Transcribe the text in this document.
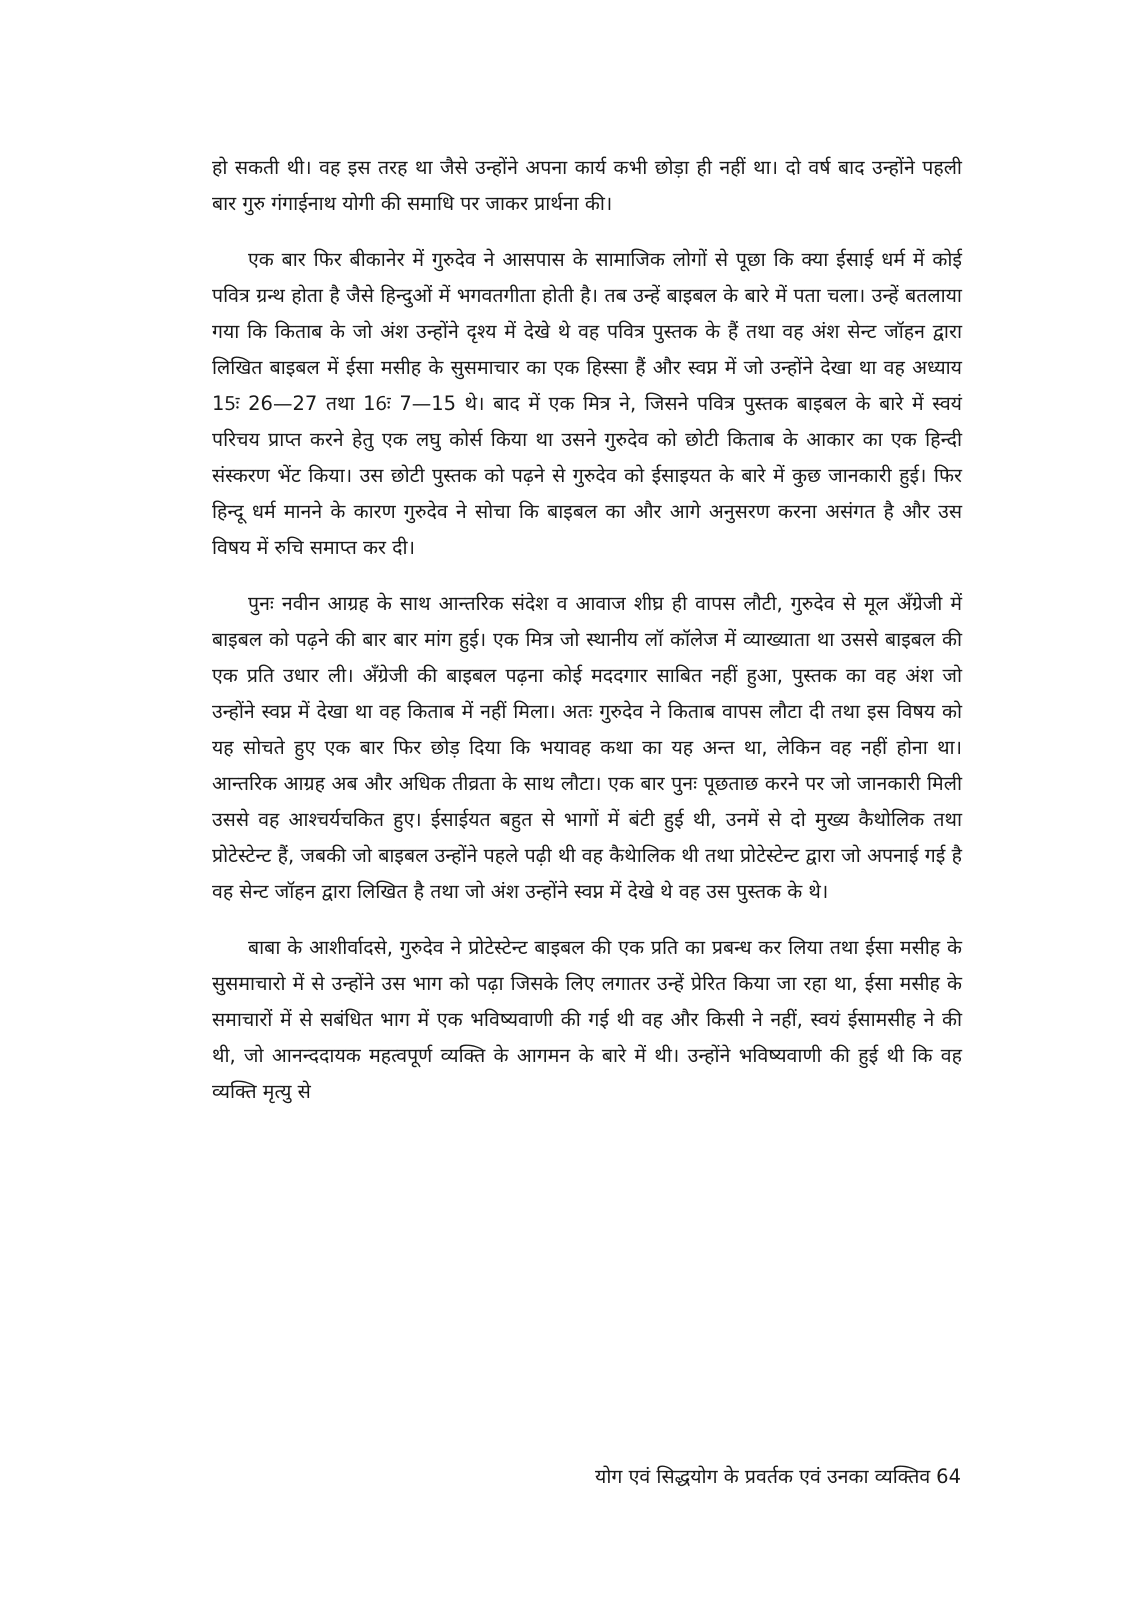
हो सकती थी। वह इस तरह था जैसे उन्होंने अपना कार्य कभी छोड़ा ही नहीं था। दो वर्ष बाद उन्होंने पहली बार गुरु गंगाईनाथ योगी की समाधि पर जाकर प्रार्थना की।

एक बार फिर बीकानेर में गुरुदेव ने आसपास के सामाजिक लोगों से पूछा कि क्या ईसाई धर्म में कोई पवित्र ग्रन्थ होता है जैसे हिन्दुओं में भगवतगीता होती है। तब उन्हें बाइबल के बारे में पता चला। उन्हें बतलाया गया कि किताब के जो अंश उन्होंने दृश्य में देखे थे वह पवित्र पुस्तक के हैं तथा वह अंश सेन्ट जॉहन द्वारा लिखित बाइबल में ईसा मसीह के सुसमाचार का एक हिस्सा हैं और स्वप्न में जो उन्होंने देखा था वह अध्याय 15ः 26—27 तथा 16ः 7—15 थे। बाद में एक मित्र ने, जिसने पवित्र पुस्तक बाइबल के बारे में स्वयं परिचय प्राप्त करने हेतु एक लघु कोर्स किया था उसने गुरुदेव को छोटी किताब के आकार का एक हिन्दी संस्करण भेंट किया। उस छोटी पुस्तक को पढ़ने से गुरुदेव को ईसाइयत के बारे में कुछ जानकारी हुई। फिर हिन्दू धर्म मानने के कारण गुरुदेव ने सोचा कि बाइबल का और आगे अनुसरण करना असंगत है और उस विषय में रुचि समाप्त कर दी।

पुनः नवीन आग्रह के साथ आन्तरिक संदेश व आवाज शीघ्र ही वापस लौटी, गुरुदेव से मूल अँग्रेजी में बाइबल को पढ़ने की बार बार मांग हुई। एक मित्र जो स्थानीय लॉ कॉलेज में व्याख्याता था उससे बाइबल की एक प्रति उधार ली। अँग्रेजी की बाइबल पढ़ना कोई मददगार साबित नहीं हुआ, पुस्तक का वह अंश जो उन्होंने स्वप्न में देखा था वह किताब में नहीं मिला। अतः गुरुदेव ने किताब वापस लौटा दी तथा इस विषय को यह सोचते हुए एक बार फिर छोड़ दिया कि भयावह कथा का यह अन्त था, लेकिन वह नहीं होना था। आन्तरिक आग्रह अब और अधिक तीव्रता के साथ लौटा। एक बार पुनः पूछताछ करने पर जो जानकारी मिली उससे वह आश्चर्यचकित हुए। ईसाईयत बहुत से भागों में बंटी हुई थी, उनमें से दो मुख्य कैथोलिक तथा प्रोटेस्टेन्ट हैं, जबकी जो बाइबल उन्होंने पहले पढ़ी थी वह कैथेालिक थी तथा प्रोटेस्टेन्ट द्वारा जो अपनाई गई है वह सेन्ट जॉहन द्वारा लिखित है तथा जो अंश उन्होंने स्वप्न में देखे थे वह उस पुस्तक के थे।

बाबा के आशीर्वादसे, गुरुदेव ने प्रोटेस्टेन्ट बाइबल की एक प्रति का प्रबन्ध कर लिया तथा ईसा मसीह के सुसमाचारो में से उन्होंने उस भाग को पढ़ा जिसके लिए लगातर उन्हें प्रेरित किया जा रहा था, ईसा मसीह के समाचारों में से सबंधित भाग में एक भविष्यवाणी की गई थी वह और किसी ने नहीं, स्वयं ईसामसीह ने की थी, जो आनन्ददायक महत्वपूर्ण व्यक्ति के आगमन के बारे में थी। उन्होंने भविष्यवाणी की हुई थी कि वह व्यक्ति मृत्यु से

योग एवं सिद्धयोग के प्रवर्तक एवं उनका व्यक्तिव 64
